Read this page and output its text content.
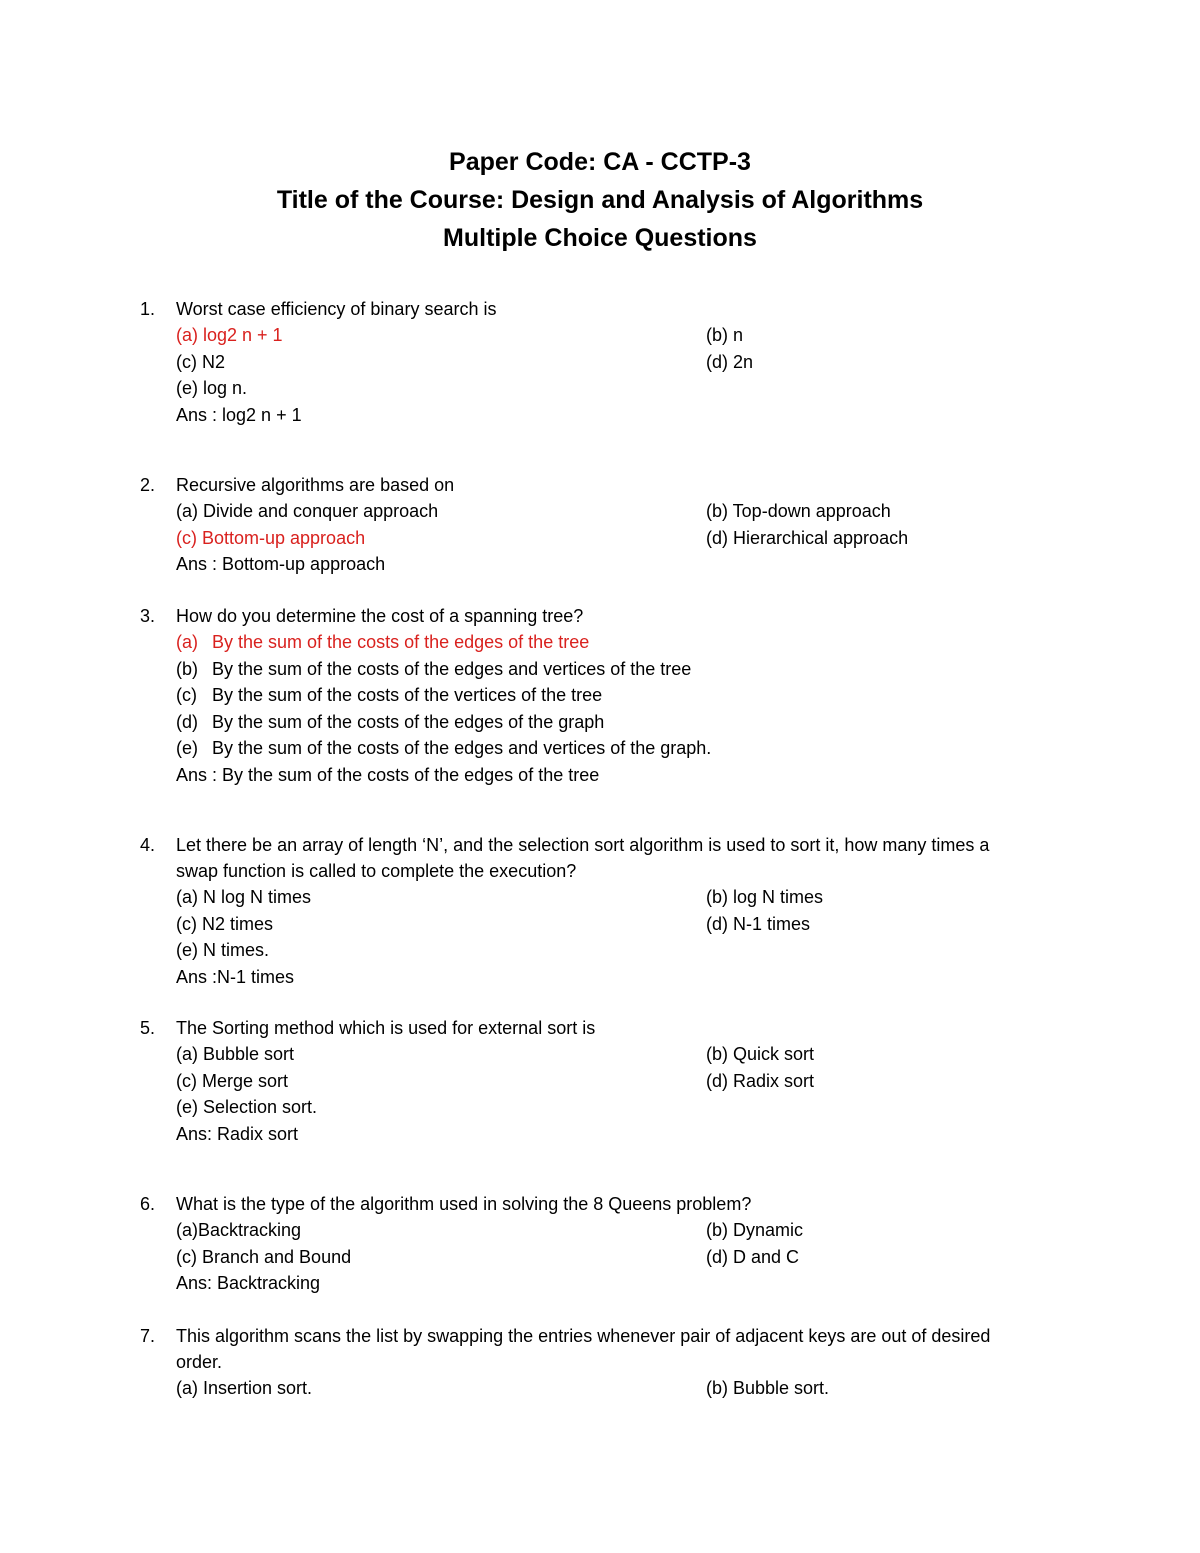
Paper Code: CA - CCTP-3
Title of the Course: Design and Analysis of Algorithms
Multiple Choice Questions
1.	Worst case efficiency of binary search is
(a) log2 n + 1	(b) n
(c) N2	(d) 2n
(e) log n.
Ans : log2 n + 1
2.	Recursive algorithms are based on
(a) Divide and conquer approach	(b) Top-down approach
(c) Bottom-up approach	(d) Hierarchical approach
Ans : Bottom-up approach
3.	How do you determine the cost of a spanning tree?
(a) By the sum of the costs of the edges of the tree
(b) By the sum of the costs of the edges and vertices of the tree
(c) By the sum of the costs of the vertices of the tree
(d) By the sum of the costs of the edges of the graph
(e) By the sum of the costs of the edges and vertices of the graph.
Ans : By the sum of the costs of the edges of the tree
4.	Let there be an array of length ‘N’, and the selection sort algorithm is used to sort it, how many times a swap function is called to complete the execution?
(a) N log N times	(b) log N times
(c) N2 times	(d) N-1 times
(e) N times.
Ans :N-1 times
5.	The Sorting method which is used for external sort is
(a) Bubble sort	(b) Quick sort
(c) Merge sort	(d) Radix sort
(e) Selection sort.
Ans: Radix sort
6.	What is the type of the algorithm used in solving the 8 Queens problem?
(a)Backtracking	(b) Dynamic
(c) Branch and Bound	(d) D and C
Ans: Backtracking
7.	This algorithm scans the list by swapping the entries whenever pair of adjacent keys are out of desired order.
(a) Insertion sort.	(b) Bubble sort.
